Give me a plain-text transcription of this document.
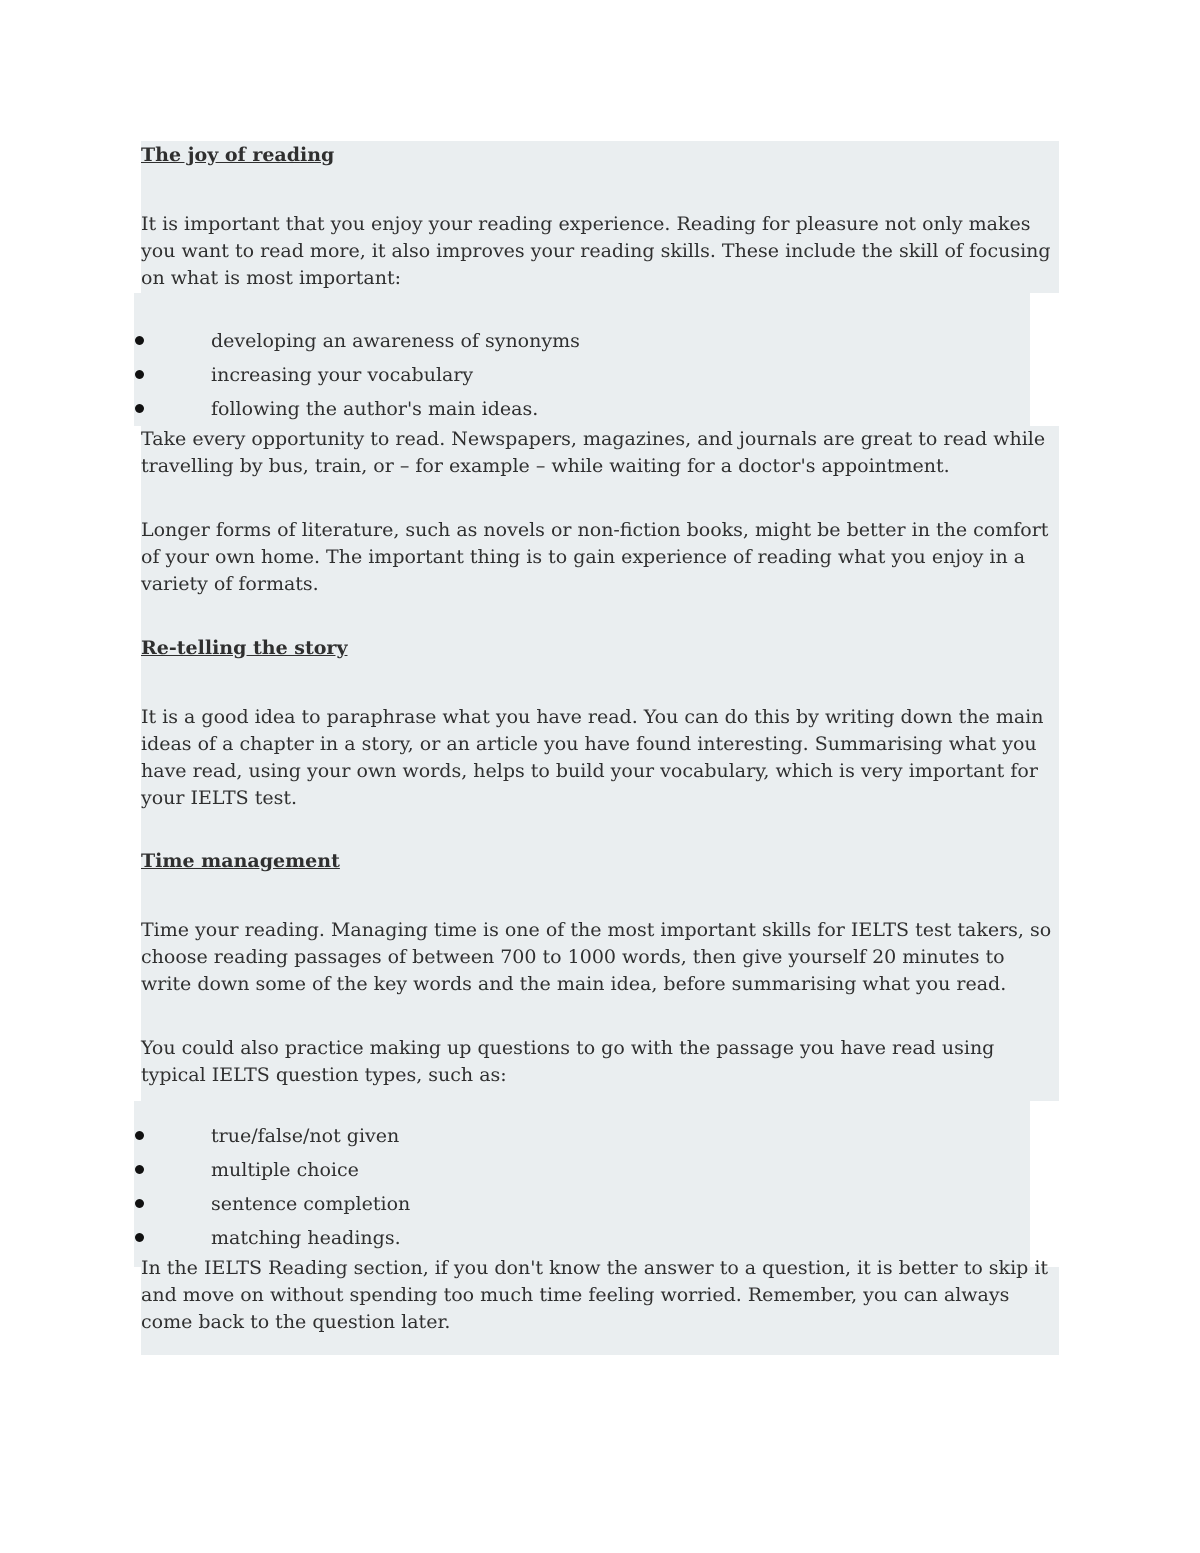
The joy of reading

It is important that you enjoy your reading experience. Reading for pleasure not only makes you want to read more, it also improves your reading skills. These include the skill of focusing on what is most important:

developing an awareness of synonyms
increasing your vocabulary
following the author's main ideas.

Take every opportunity to read. Newspapers, magazines, and journals are great to read while travelling by bus, train, or – for example – while waiting for a doctor's appointment.

Longer forms of literature, such as novels or non-fiction books, might be better in the comfort of your own home. The important thing is to gain experience of reading what you enjoy in a variety of formats.

Re-telling the story

It is a good idea to paraphrase what you have read. You can do this by writing down the main ideas of a chapter in a story, or an article you have found interesting. Summarising what you have read, using your own words, helps to build your vocabulary, which is very important for your IELTS test.

Time management

Time your reading. Managing time is one of the most important skills for IELTS test takers, so choose reading passages of between 700 to 1000 words, then give yourself 20 minutes to write down some of the key words and the main idea, before summarising what you read.

You could also practice making up questions to go with the passage you have read using typical IELTS question types, such as:

true/false/not given
multiple choice
sentence completion
matching headings.

In the IELTS Reading section, if you don't know the answer to a question, it is better to skip it and move on without spending too much time feeling worried. Remember, you can always come back to the question later.
